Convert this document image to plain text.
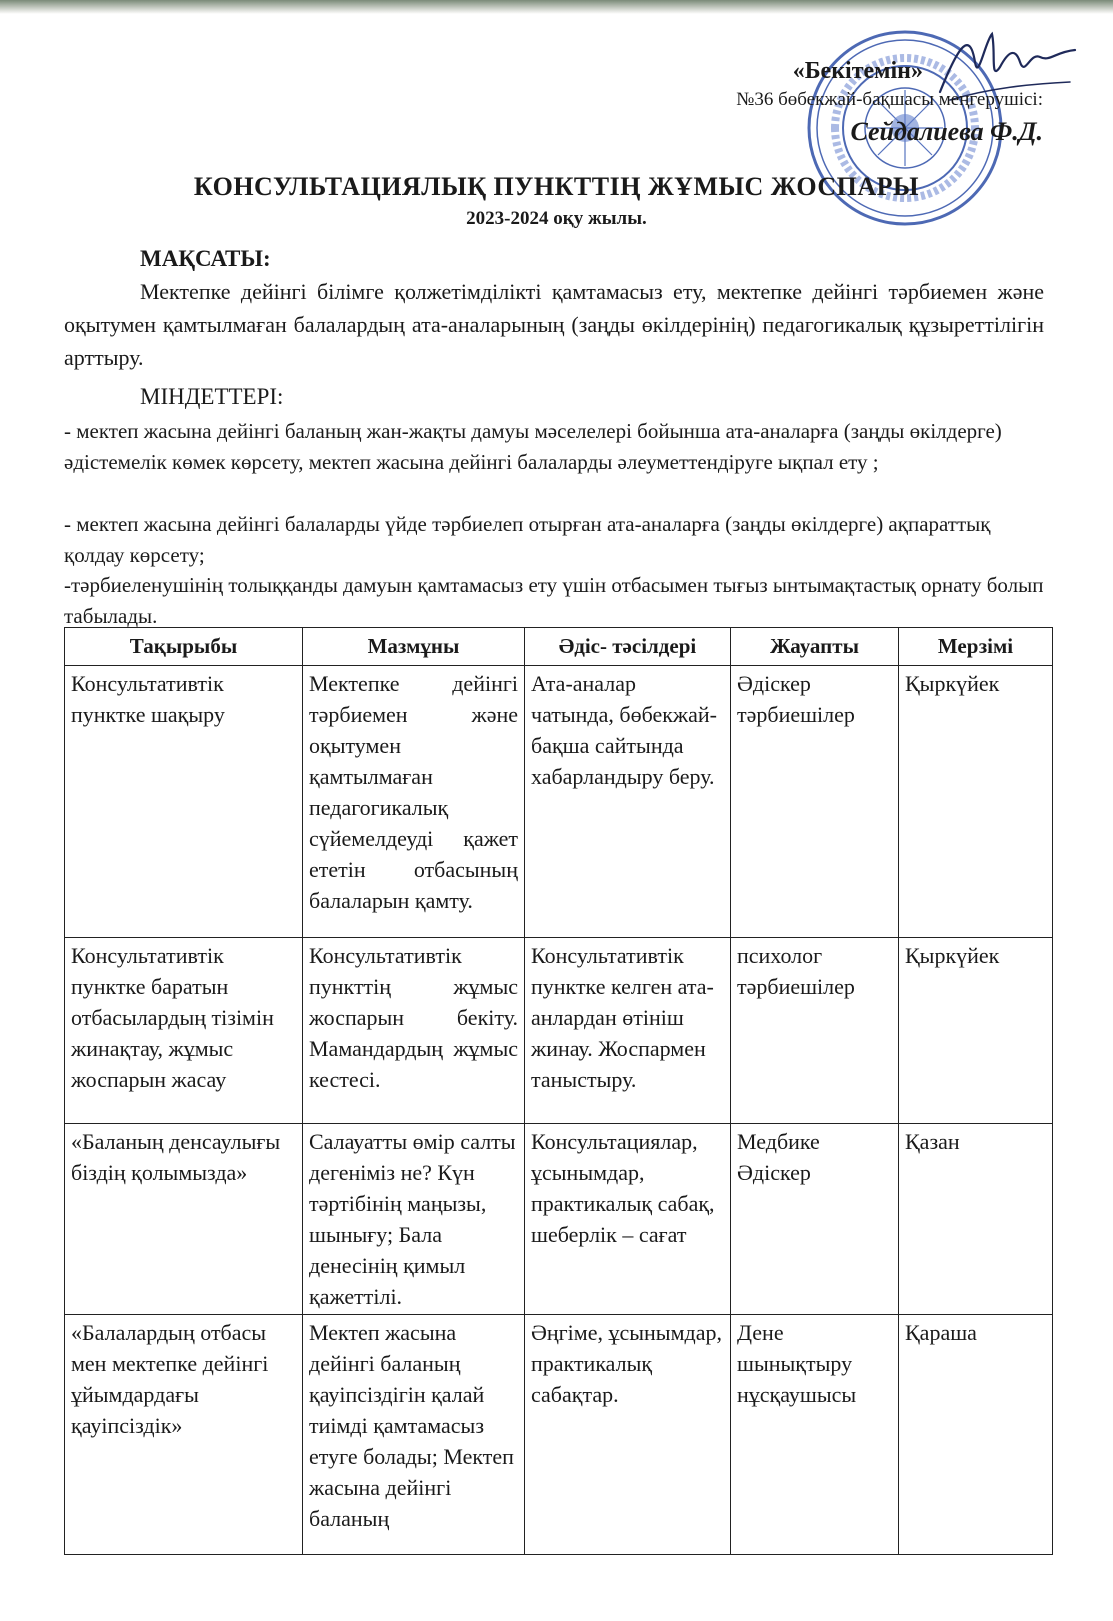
«Бекітемін»
№36 бөбекжай-бақшасы меңгерушісі:
Сейдалиева Ф.Д.
КОНСУЛЬТАЦИЯЛЫҚ ПУНКТТІҢ ЖҰМЫС ЖОСПАРЫ
2023-2024 оқу жылы.
МАҚСАТЫ:
Мектепке дейінгі білімге қолжетімділікті қамтамасыз ету, мектепке дейінгі тәрбиемен және оқытумен қамтылмаған балалардың ата-аналарының (заңды өкілдерінің) педагогикалық құзыреттілігін арттыру.
МІНДЕТТЕРІ:
- мектеп жасына дейінгі баланың жан-жақты дамуы мәселелері бойынша ата-аналарға (заңды өкілдерге) әдістемелік көмек көрсету, мектеп жасына дейінгі балаларды әлеуметтендіруге ықпал ету ;
- мектеп жасына дейінгі балаларды үйде тәрбиелеп отырған ата-аналарға (заңды өкілдерге) ақпараттық қолдау көрсету;
-тәрбиеленушінің толыққанды дамуын қамтамасыз ету үшін отбасымен тығыз ынтымақтастық орнату болып табылады.
Тақырыбы	Мазмұны	Әдіс- тәсілдері	Жауапты	Мерзімі
Консультативтік пунктке шақыру	Мектепке дейінгі тәрбиемен және оқытумен қамтылмаған педагогикалық сүйемелдеуді қажет ететін отбасының балаларын қамту.	Ата-аналар чатында, бөбекжай-бақша сайтында хабарландыру беру.	Әдіскер тәрбиешілер	Қыркүйек
Консультативтік пунктке баратын отбасылардың тізімін жинақтау, жұмыс жоспарын жасау	Консультативтік пункттің жұмыс жоспарын бекіту. Мамандардың жұмыс кестесі.	Консультативтік пунктке келген ата-анлардан өтініш жинау. Жоспармен таныстыру.	психолог тәрбиешілер	Қыркүйек
«Баланың денсаулығы біздің қолымызда»	Салауатты өмір салты дегеніміз не? Күн тәртібінің маңызы, шынығу; Бала денесінің қимыл қажеттілі.	Консультациялар, ұсынымдар, практикалық сабақ, шеберлік – сағат	Медбике Әдіскер	Қазан
«Балалардың отбасы мен мектепке дейінгі ұйымдардағы қауіпсіздік»	Мектеп жасына дейінгі баланың қауіпсіздігін қалай тиімді қамтамасыз етуге болады; Мектеп жасына дейінгі баланың	Әңгіме, ұсынымдар, практикалық сабақтар.	Дене шынықтыру нұсқаушысы	Қараша
